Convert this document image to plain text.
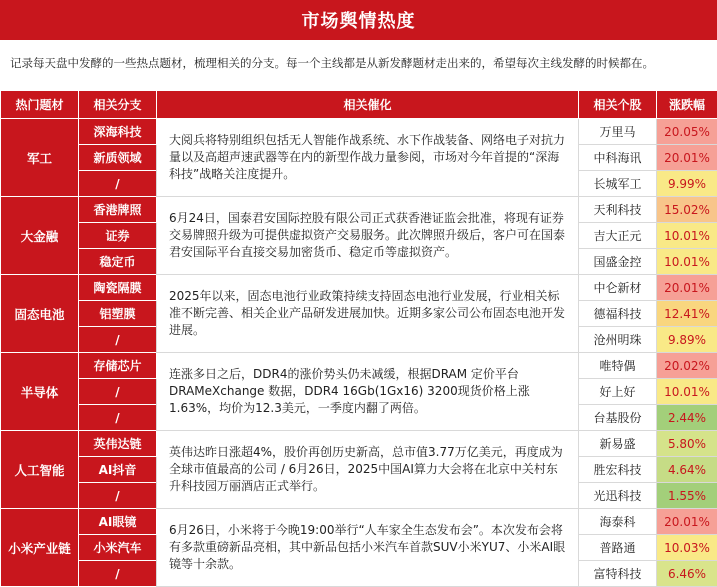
市场舆情热度
记录每天盘中发酵的一些热点题材，梳理相关的分支。每一个主线都是从新发酵题材走出来的，希望每次主线发酵的时候都在。
热门题材	相关分支	相关催化	相关个股	涨跌幅
军工	深海科技	大阅兵将特别组织包括无人智能作战系统、水下作战装备、网络电子对抗力量以及高超声速武器等在内的新型作战力量参阅，市场对今年首提的“深海科技”战略关注度提升。	万里马	20.05%
	新质领域		中科海讯	20.01%
	/		长城军工	9.99%
大金融	香港牌照	6月24日，国泰君安国际控股有限公司正式获香港证监会批准，将现有证券交易牌照升级为可提供虚拟资产交易服务。此次牌照升级后，客户可在国泰君安国际平台直接交易加密货币、稳定币等虚拟资产。	天利科技	15.02%
	证券		吉大正元	10.01%
	稳定币		国盛金控	10.01%
固态电池	陶瓷隔膜	2025年以来，固态电池行业政策持续支持固态电池行业发展，行业相关标准不断完善、相关企业产品研发进展加快。近期多家公司公布固态电池开发进展。	中仑新材	20.01%
	铝塑膜		德福科技	12.41%
	/		沧州明珠	9.89%
半导体	存储芯片	连涨多日之后，DDR4的涨价势头仍未减缓，根据DRAM 定价平台 DRAMeXchange 数据，DDR4 16Gb(1Gx16) 3200现货价格上涨1.63%，均价为12.3美元，一季度内翻了两倍。	唯特偶	20.02%
	/		好上好	10.01%
	/		台基股份	2.44%
人工智能	英伟达链	英伟达昨日涨超4%，股价再创历史新高，总市值3.77万亿美元，再度成为全球市值最高的公司 / 6月26日，2025中国AI算力大会将在北京中关村东升科技园万丽酒店正式举行。	新易盛	5.80%
	AI抖音		胜宏科技	4.64%
	/		光迅科技	1.55%
小米产业链	AI眼镜	6月26日，小米将于今晚19:00举行“人车家全生态发布会”。本次发布会将有多款重磅新品亮相，其中新品包括小米汽车首款SUV小米YU7、小米AI眼镜等十余款。	海泰科	20.01%
	小米汽车		普路通	10.03%
	/		富特科技	6.46%
